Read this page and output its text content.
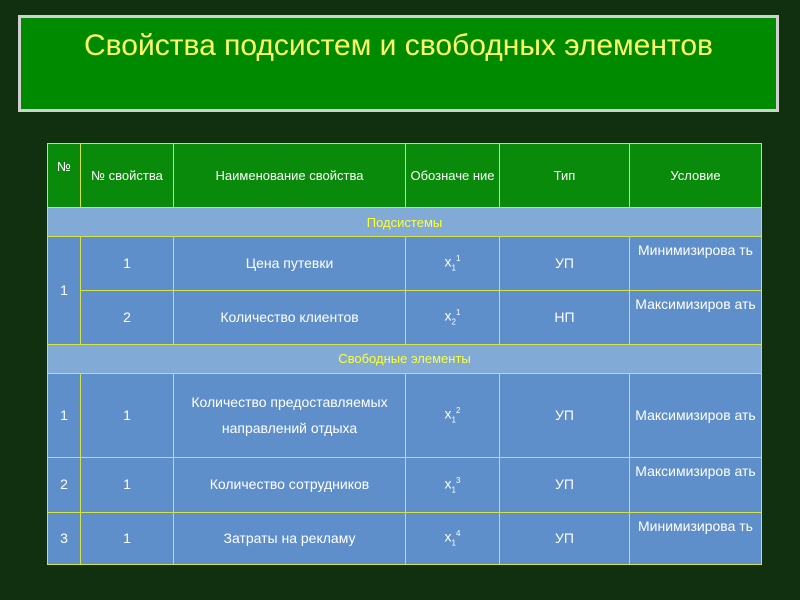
Свойства подсистем и свободных элементов
№	№ свойства	Наименование свойства	Обозначе ние	Тип	Условие
Подсистемы					
1	1	Цена путевки	$x_1^1$	УП	Минимизирова ть
	2	Количество клиентов	$x_2^1$	НП	Максимизиров ать
Свободные элементы					
1	1	Количество предоставляемых направлений отдыха	$x_1^2$	УП	Максимизиров ать
2	1	Количество сотрудников	$x_1^3$	УП	Максимизиров ать
3	1	Затраты на рекламу	$x_1^4$	УП	Минимизирова ть
